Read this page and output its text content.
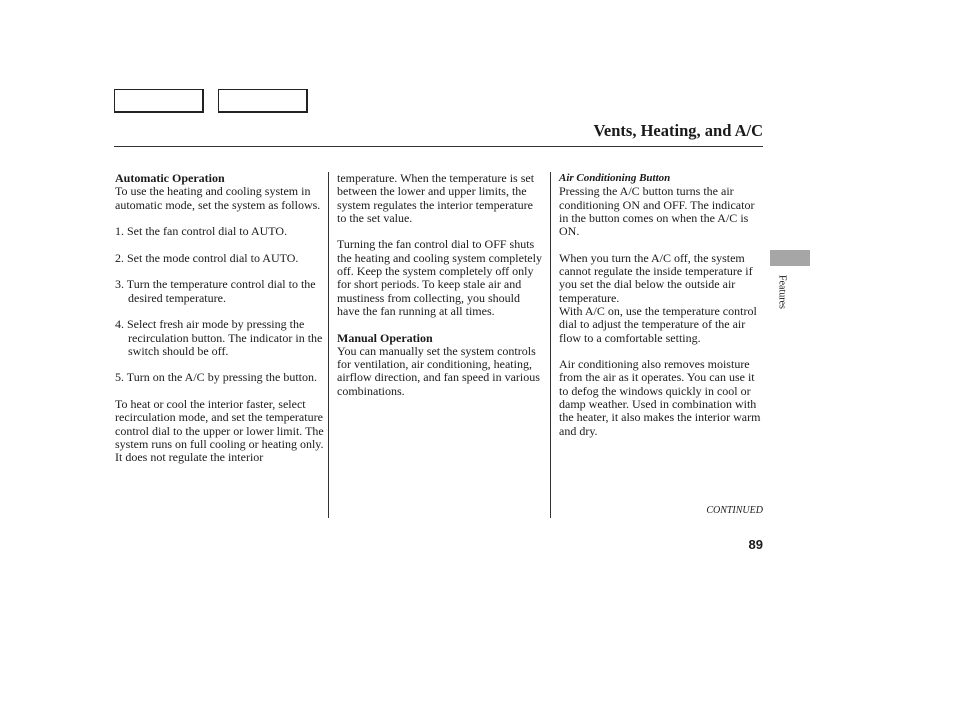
Vents, Heating, and A/C
Automatic Operation
To use the heating and cooling system in automatic mode, set the system as follows.
1. Set the fan control dial to AUTO.
2. Set the mode control dial to AUTO.
3. Turn the temperature control dial to the desired temperature.
4. Select fresh air mode by pressing the recirculation button. The indicator in the switch should be off.
5. Turn on the A/C by pressing the button.
To heat or cool the interior faster, select recirculation mode, and set the temperature control dial to the upper or lower limit. The system runs on full cooling or heating only. It does not regulate the interior
temperature. When the temperature is set between the lower and upper limits, the system regulates the interior temperature to the set value.
Turning the fan control dial to OFF shuts the heating and cooling system completely off. Keep the system completely off only for short periods. To keep stale air and mustiness from collecting, you should have the fan running at all times.
Manual Operation
You can manually set the system controls for ventilation, air conditioning, heating, airflow direction, and fan speed in various combinations.
Air Conditioning Button
Pressing the A/C button turns the air conditioning ON and OFF. The indicator in the button comes on when the A/C is ON.
When you turn the A/C off, the system cannot regulate the inside temperature if you set the dial below the outside air temperature.
With A/C on, use the temperature control dial to adjust the temperature of the air flow to a comfortable setting.
Air conditioning also removes moisture from the air as it operates. You can use it to defog the windows quickly in cool or damp weather. Used in combination with the heater, it also makes the interior warm and dry.
Features
CONTINUED
89
